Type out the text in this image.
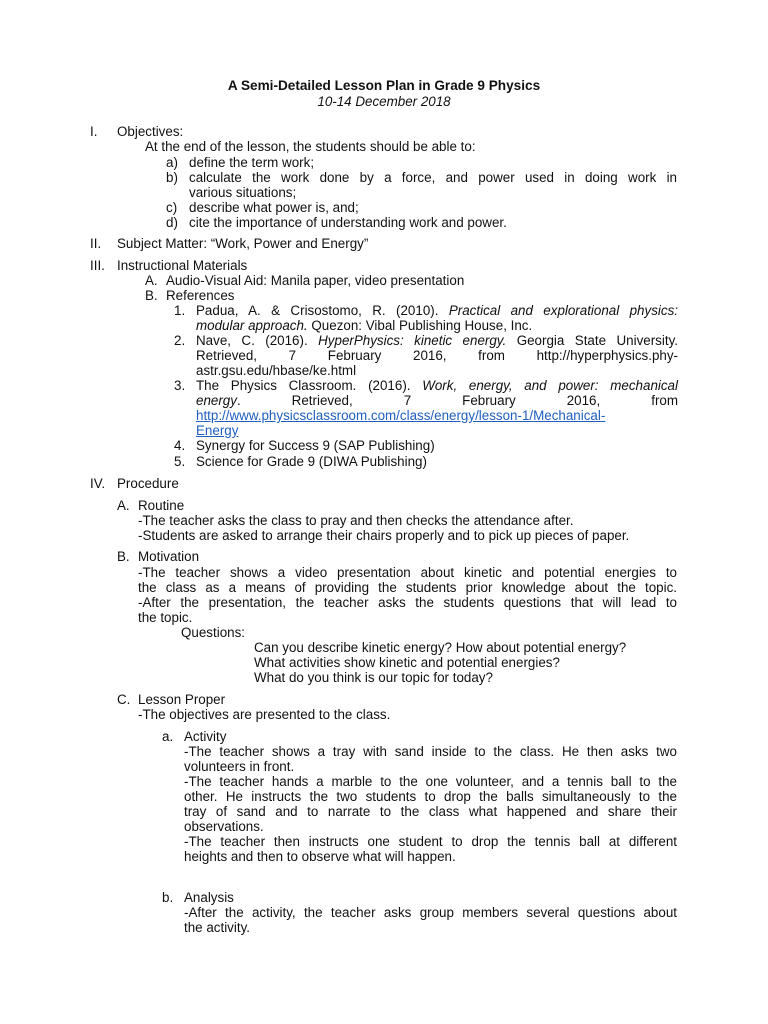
A Semi-Detailed Lesson Plan in Grade 9 Physics
10-14 December 2018
I. Objectives:
At the end of the lesson, the students should be able to:
a) define the term work;
b) calculate the work done by a force, and power used in doing work in
various situations;
c) describe what power is, and;
d) cite the importance of understanding work and power.
II. Subject Matter: “Work, Power and Energy”
III. Instructional Materials
A. Audio-Visual Aid: Manila paper, video presentation
B. References
1. Padua, A. & Crisostomo, R. (2010). Practical and explorational physics:
modular approach. Quezon: Vibal Publishing House, Inc.
2. Nave, C. (2016). HyperPhysics: kinetic energy. Georgia State University.
Retrieved, 7 February 2016, from http://hyperphysics.phy-
astr.gsu.edu/hbase/ke.html
3. The Physics Classroom. (2016). Work, energy, and power: mechanical
energy. Retrieved, 7 February 2016, from
http://www.physicsclassroom.com/class/energy/lesson-1/Mechanical-
Energy
4. Synergy for Success 9 (SAP Publishing)
5. Science for Grade 9 (DIWA Publishing)
IV. Procedure
A. Routine
-The teacher asks the class to pray and then checks the attendance after.
-Students are asked to arrange their chairs properly and to pick up pieces of paper.
B. Motivation
-The teacher shows a video presentation about kinetic and potential energies to
the class as a means of providing the students prior knowledge about the topic.
-After the presentation, the teacher asks the students questions that will lead to
the topic.
Questions:
Can you describe kinetic energy? How about potential energy?
What activities show kinetic and potential energies?
What do you think is our topic for today?
C. Lesson Proper
-The objectives are presented to the class.
a. Activity
-The teacher shows a tray with sand inside to the class. He then asks two
volunteers in front.
-The teacher hands a marble to the one volunteer, and a tennis ball to the
other. He instructs the two students to drop the balls simultaneously to the
tray of sand and to narrate to the class what happened and share their
observations.
-The teacher then instructs one student to drop the tennis ball at different
heights and then to observe what will happen.
b. Analysis
-After the activity, the teacher asks group members several questions about
the activity.
